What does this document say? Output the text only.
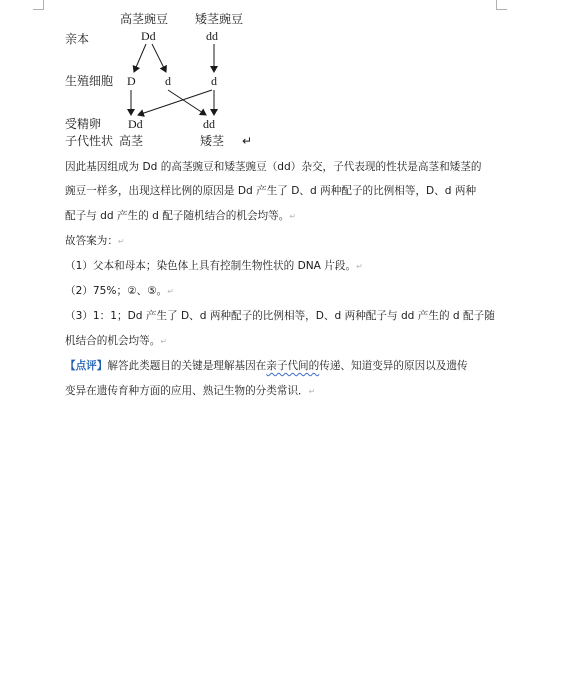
高茎豌豆 矮茎豌豆
亲本	Dd	dd
生殖细胞 D d	d
受精卵 Dd	dd
子代性状 高茎	矮茎 ↵
因此基因组成为 Dd 的高茎豌豆和矮茎豌豆（dd）杂交，子代表现的性状是高茎和矮茎的
豌豆一样多，出现这样比例的原因是 Dd 产生了 D、d 两种配子的比例相等，D、d 两种
配子与 dd 产生的 d 配子随机结合的机会均等。↵
故答案为：↵
（1）父本和母本；染色体上具有控制生物性状的 DNA 片段。↵
（2）75%；②、⑤。↵
（3）1：1；Dd 产生了 D、d 两种配子的比例相等，D、d 两种配子与 dd 产生的 d 配子随
机结合的机会均等。↵
【点评】解答此类题目的关键是理解基因在亲子代间的传递、知道变异的原因以及遗传
变异在遗传育种方面的应用、熟记生物的分类常识．↵
